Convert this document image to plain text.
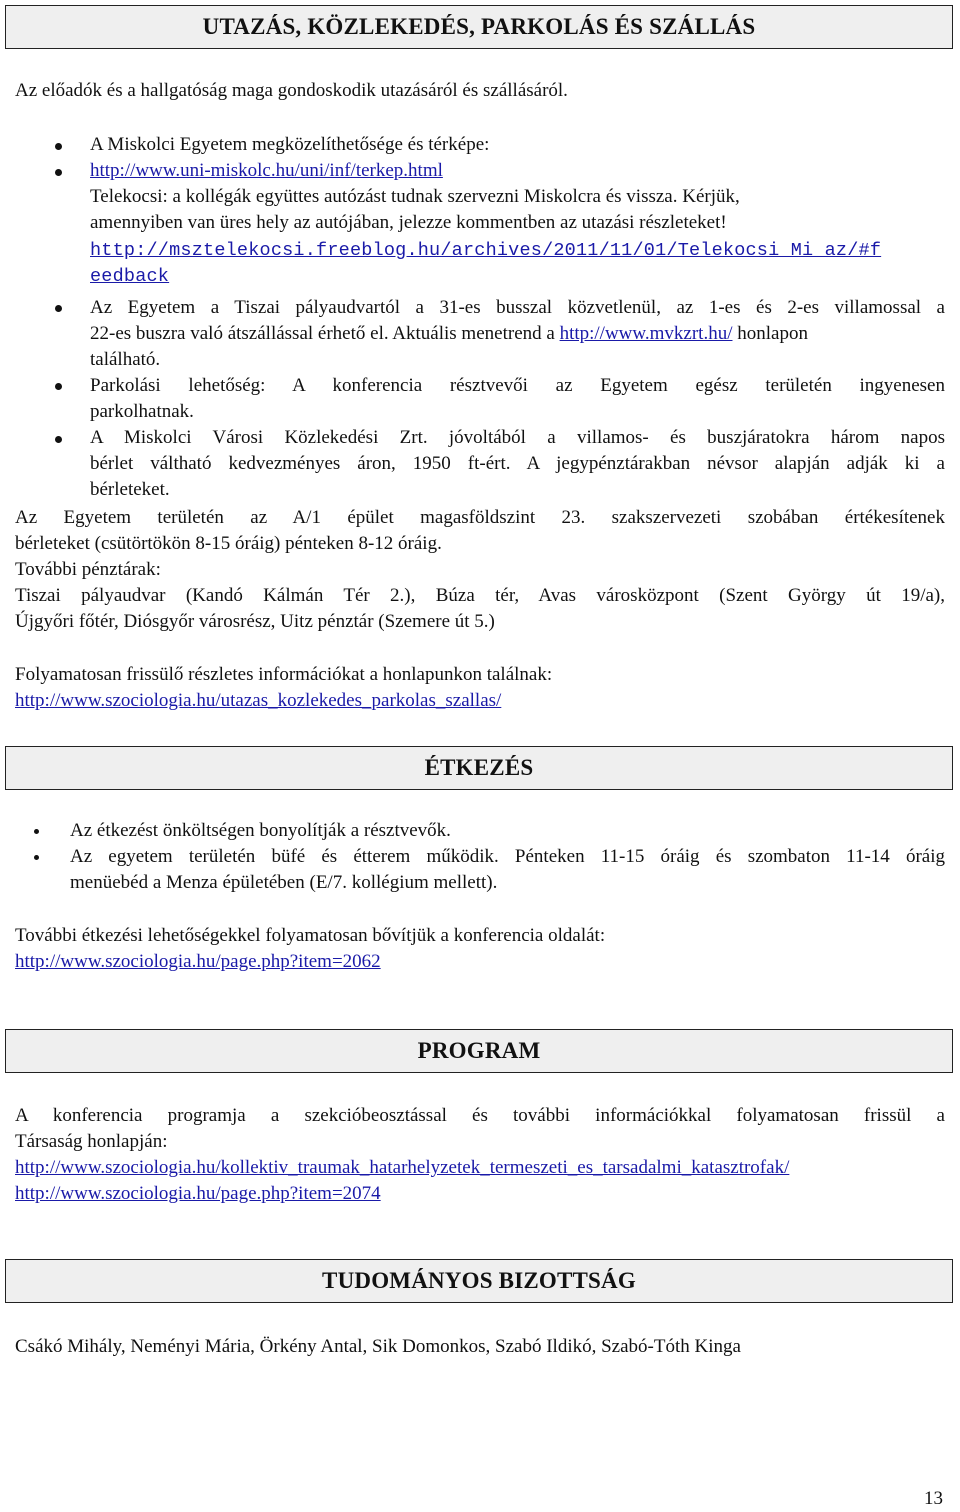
UTAZÁS, KÖZLEKEDÉS, PARKOLÁS ÉS SZÁLLÁS
Az előadók és a hallgatóság maga gondoskodik utazásáról és szállásáról.
A Miskolci Egyetem megközelíthetősége és térképe:
http://www.uni-miskolc.hu/uni/inf/terkep.html
Telekocsi: a kollégák együttes autózást tudnak szervezni Miskolcra és vissza. Kérjük,
amennyiben van üres hely az autójában, jelezze kommentben az utazási részleteket!
http://msztelekocsi.freeblog.hu/archives/2011/11/01/Telekocsi_Mi_az/#f
eedback
Az Egyetem a Tiszai pályaudvartól a 31-es busszal közvetlenül, az 1-es és 2-es villamossal a
22-es buszra való átszállással érhető el. Aktuális menetrend a http://www.mvkzrt.hu/ honlapon
található.
Parkolási lehetőség: A konferencia résztvevői az Egyetem egész területén ingyenesen
parkolhatnak.
A Miskolci Városi Közlekedési Zrt. jóvoltából a villamos- és buszjáratokra három napos
bérlet váltható kedvezményes áron, 1950 ft-ért. A jegypénztárakban névsor alapján adják ki a
bérleteket.
Az Egyetem területén az A/1 épület magasföldszint 23. szakszervezeti szobában értékesítenek
bérleteket (csütörtökön 8-15 óráig) pénteken 8-12 óráig.
További pénztárak:
Tiszai pályaudvar (Kandó Kálmán Tér 2.), Búza tér, Avas városközpont (Szent György út 19/a),
Újgyőri főtér, Diósgyőr városrész, Uitz pénztár (Szemere út 5.)
Folyamatosan frissülő részletes információkat a honlapunkon találnak:
http://www.szociologia.hu/utazas_kozlekedes_parkolas_szallas/
ÉTKEZÉS
Az étkezést önköltségen bonyolítják a résztvevők.
Az egyetem területén büfé és étterem működik. Pénteken 11-15 óráig és szombaton 11-14 óráig
menüebéd a Menza épületében (E/7. kollégium mellett).
További étkezési lehetőségekkel folyamatosan bővítjük a konferencia oldalát:
http://www.szociologia.hu/page.php?item=2062
PROGRAM
A konferencia programja a szekcióbeosztással és további információkkal folyamatosan frissül a
Társaság honlapján:
http://www.szociologia.hu/kollektiv_traumak_hatarhelyzetek_termeszeti_es_tarsadalmi_katasztrofak/
http://www.szociologia.hu/page.php?item=2074
TUDOMÁNYOS BIZOTTSÁG
Csákó Mihály, Neményi Mária, Örkény Antal, Sik Domonkos, Szabó Ildikó, Szabó-Tóth Kinga
13
